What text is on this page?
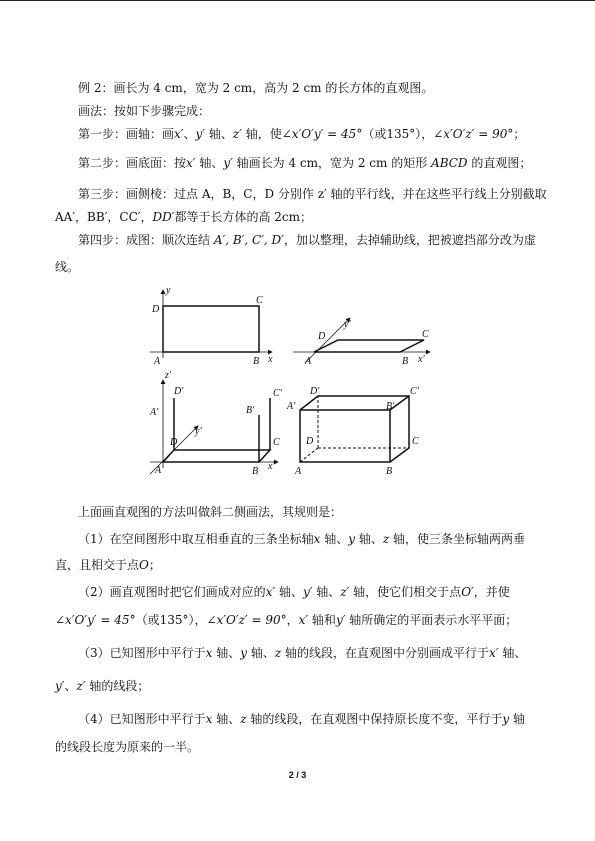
例 2：画长为 4 cm，宽为 2 cm，高为 2 cm 的长方体的直观图。
画法：按如下步骤完成：
第一步：画轴：画x′、y′ 轴、z′ 轴，使∠x′O′y′ = 45°（或135°），∠x′O′z′ = 90°；
第二步：画底面：按x′ 轴、y′ 轴画长为 4 cm，宽为 2 cm 的矩形 ABCD 的直观图；
第三步：画侧棱：过点 A，B，C，D 分别作 z′ 轴的平行线，并在这些平行线上分别截取
AA′，BB′，CC′，DD′都等于长方体的高 2cm；
第四步：成图：顺次连结 A′, B′, C′, D′，加以整理，去掉辅助线，把被遮挡部分改为虚
线。
y
D
C
A	B x
y′
D	C
A	B x′
z′
D′
A′	B′
C′
y′
D	C
A	B x′
D′	C′
A′	B′
D	C
A	B
上面画直观图的方法叫做斜二侧画法，其规则是：
（1）在空间图形中取互相垂直的三条坐标轴x 轴、y 轴、z 轴，使三条坐标轴两两垂
直，且相交于点O；
（2）画直观图时把它们画成对应的x′ 轴、y′ 轴、z′ 轴，使它们相交于点O′，并使
∠x′O′y′ = 45°（或135°），∠x′O′z′ = 90°，x′ 轴和y′ 轴所确定的平面表示水平平面；
（3）已知图形中平行于x 轴、y 轴、z 轴的线段，在直观图中分别画成平行于x′ 轴、
y′、z′ 轴的线段；
（4）已知图形中平行于x 轴、z 轴的线段，在直观图中保持原长度不变，平行于y 轴
的线段长度为原来的一半。
2 / 3
